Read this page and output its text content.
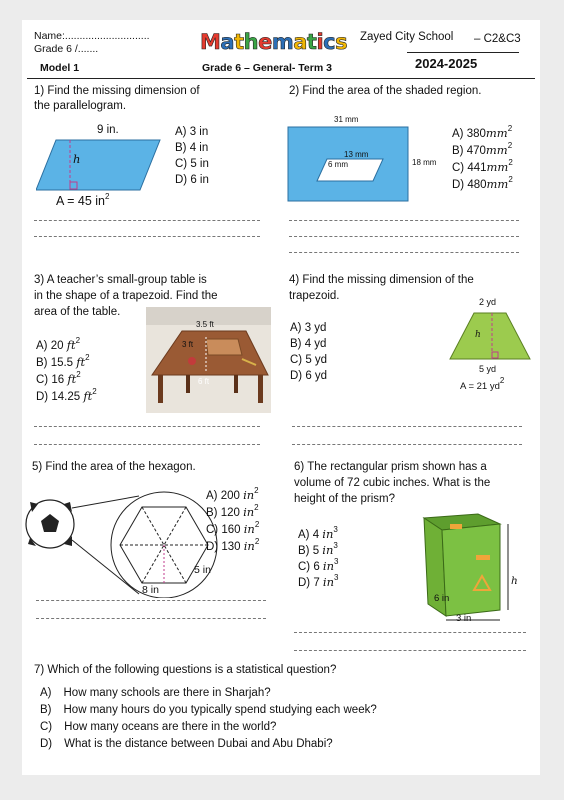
Name:.............................
Grade 6 /.......
Model 1
Mathematics Zayed City School – C2&C3
Grade 6 – General- Term 3	2024-2025
1) Find the missing dimension of
the parallelogram.
9 in.
h
A = 45 $in^2$
A) 3 in
B) 4 in
C) 5 in
D) 6 in
2) Find the area of the shaded region.
31 mm
13 mm
6 mm	18 mm
A) $380mm^2$
B) $470mm^2$
C) $441mm^2$
D) $480mm^2$
3) A teacher’s small-group table is
in the shape of a trapezoid. Find the
area of the table.
3.5 ft
3 ft
6 ft
A) 20 $ft^2$
B) 15.5 $ft^2$
C) 16 $ft^2$
D) 14.25 $ft^2$
4) Find the missing dimension of the
trapezoid.	2 yd
h
5 yd
A = 21 $yd^2$
A) 3 yd
B) 4 yd
C) 5 yd
D) 6 yd
5) Find the area of the hexagon.
5 in
8 in
A) 200 $in^2$
B) 120 $in^2$
C) 160 $in^2$
D) 130 $in^2$
6) The rectangular prism shown has a
volume of 72 cubic inches. What is the
height of the prism?
h
6 in
3 in
A) 4 $in^3$
B) 5 $in^3$
C) 6 $in^3$
D) 7 $in^3$
7) Which of the following questions is a statistical question?
A) How many schools are there in Sharjah?
B) How many hours do you typically spend studying each week?
C) How many oceans are there in the world?
D) What is the distance between Dubai and Abu Dhabi?
